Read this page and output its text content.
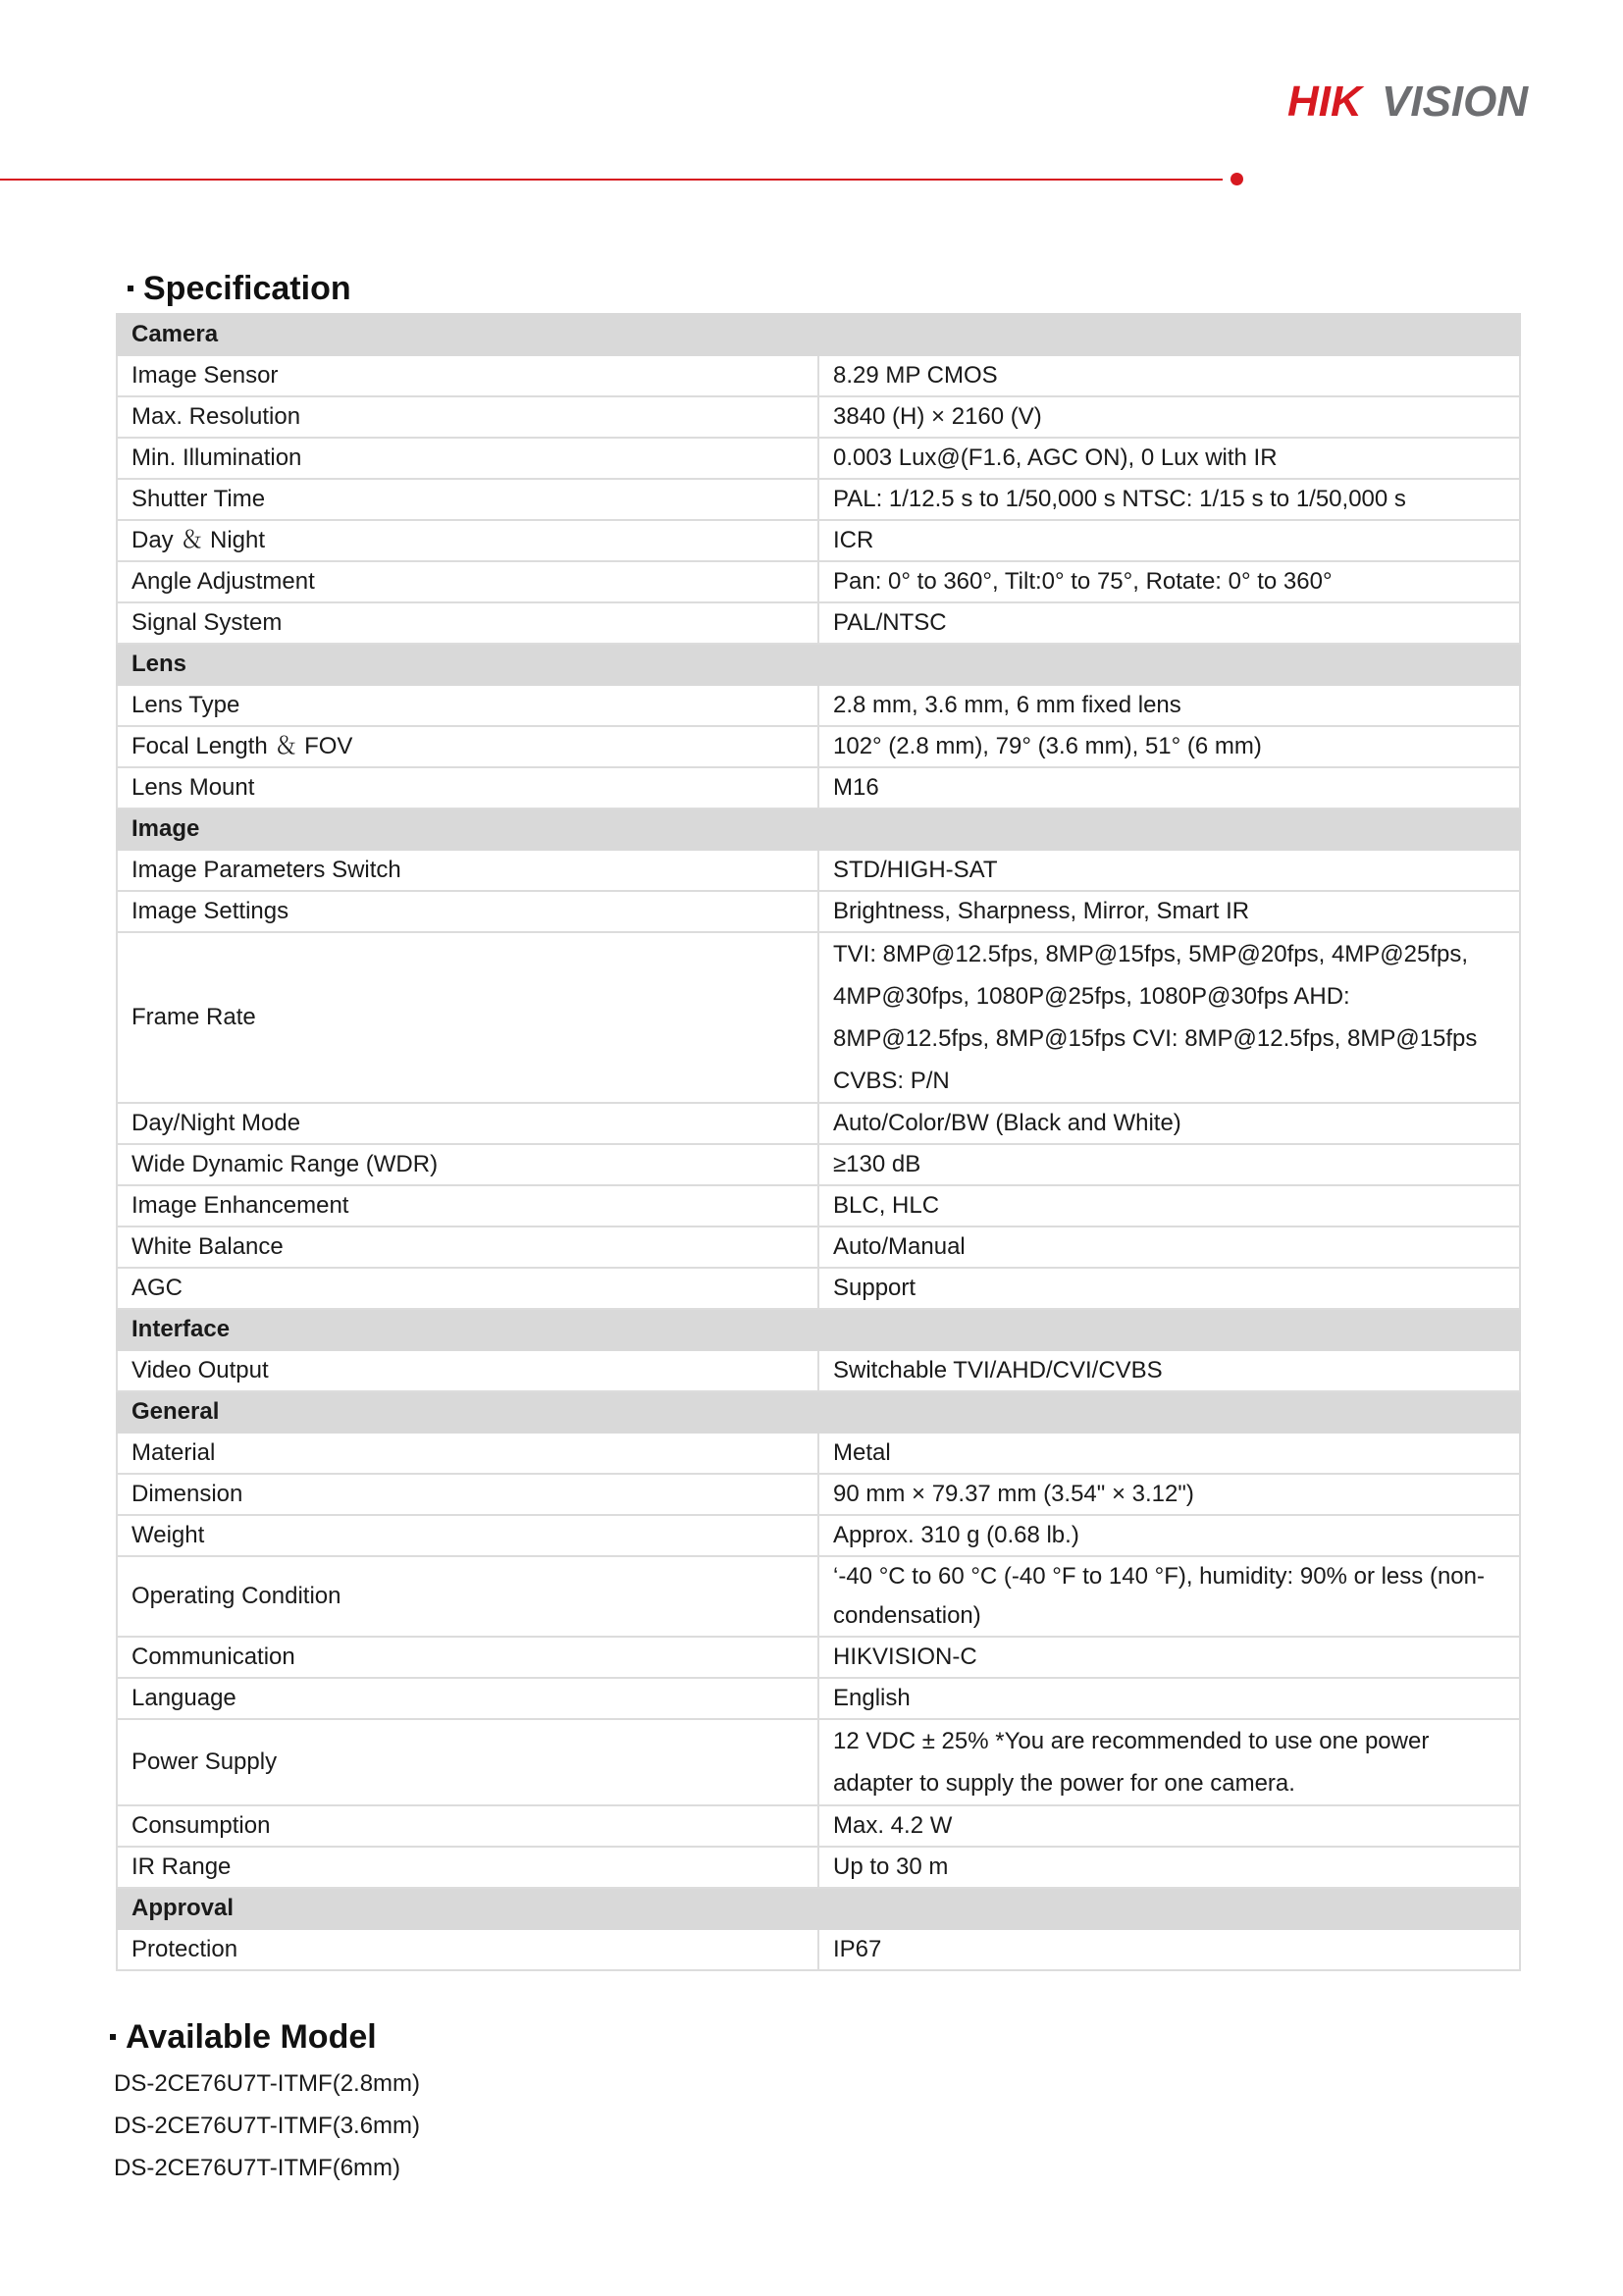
HIK VISION
Specification
Camera	
Image Sensor	8.29 MP CMOS
Max. Resolution	3840 (H) × 2160 (V)
Min. Illumination	0.003 Lux@(F1.6, AGC ON), 0 Lux with IR
Shutter Time	PAL: 1/12.5 s to 1/50,000 s NTSC: 1/15 s to 1/50,000 s
Day ＆ Night	ICR
Angle Adjustment	Pan: 0° to 360°, Tilt:0° to 75°, Rotate: 0° to 360°
Signal System	PAL/NTSC
Lens	
Lens Type	2.8 mm, 3.6 mm, 6 mm fixed lens
Focal Length ＆ FOV	102° (2.8 mm), 79° (3.6 mm), 51° (6 mm)
Lens Mount	M16
Image	
Image Parameters Switch	STD/HIGH-SAT
Image Settings	Brightness, Sharpness, Mirror, Smart IR
Frame Rate	TVI: 8MP@12.5fps, 8MP@15fps, 5MP@20fps, 4MP@25fps, 4MP@30fps, 1080P@25fps, 1080P@30fps AHD: 8MP@12.5fps, 8MP@15fps CVI: 8MP@12.5fps, 8MP@15fps CVBS: P/N
Day/Night Mode	Auto/Color/BW (Black and White)
Wide Dynamic Range (WDR)	≥130 dB
Image Enhancement	BLC, HLC
White Balance	Auto/Manual
AGC	Support
Interface	
Video Output	Switchable TVI/AHD/CVI/CVBS
General	
Material	Metal
Dimension	90 mm × 79.37 mm (3.54" × 3.12")
Weight	Approx. 310 g (0.68 lb.)
Operating Condition	‘-40 °C to 60 °C (-40 °F to 140 °F), humidity: 90% or less (non-condensation)
Communication	HIKVISION-C
Language	English
Power Supply	12 VDC ± 25% *You are recommended to use one power adapter to supply the power for one camera.
Consumption	Max. 4.2 W
IR Range	Up to 30 m
Approval	
Protection	IP67
Available Model
DS-2CE76U7T-ITMF(2.8mm)
DS-2CE76U7T-ITMF(3.6mm)
DS-2CE76U7T-ITMF(6mm)
